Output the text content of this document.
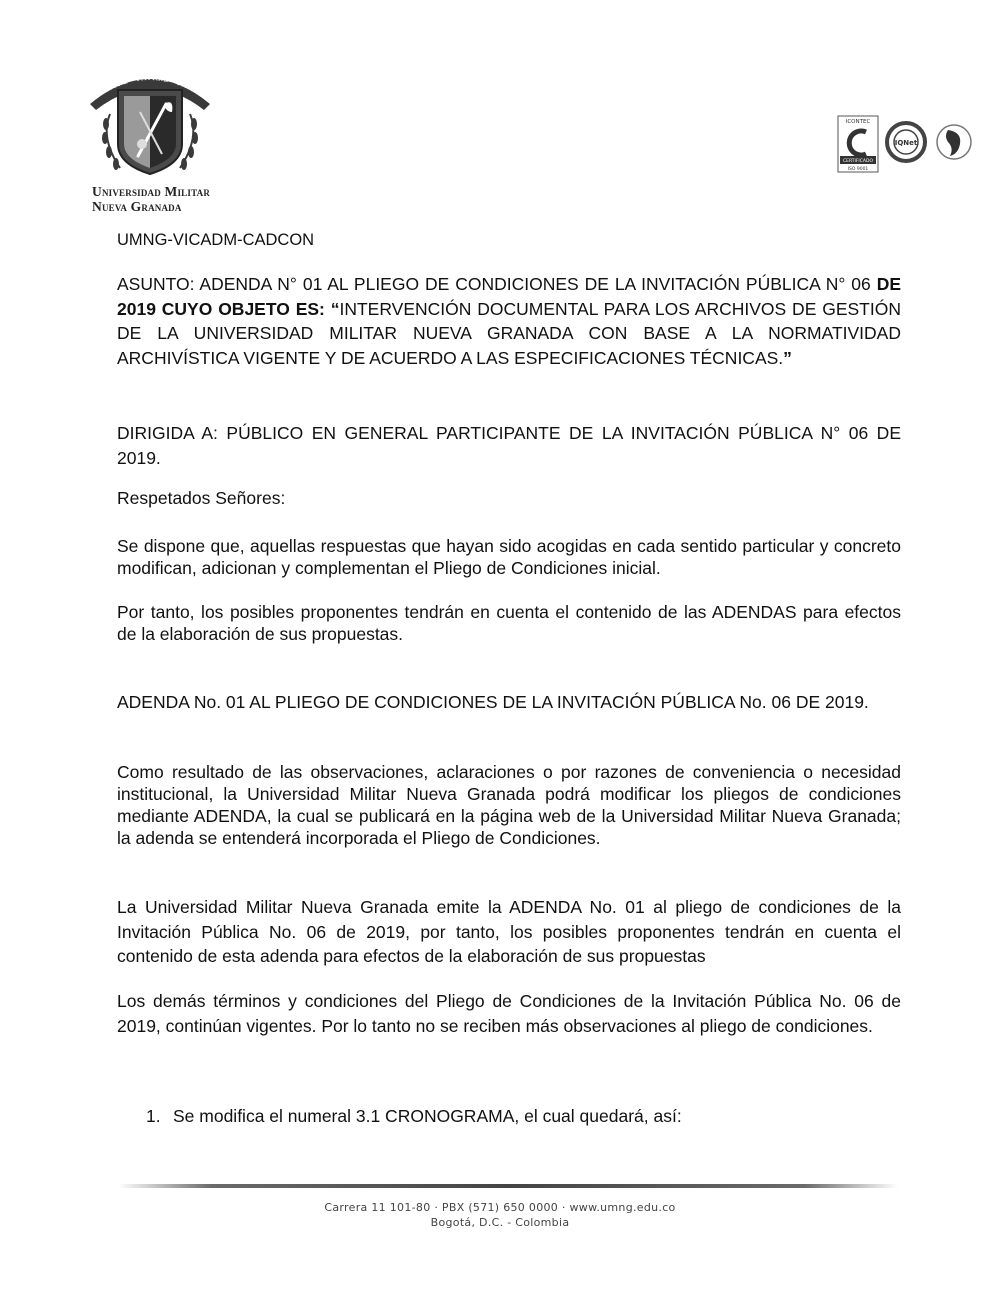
CIENTIÆ · PATRIÆ · FAMILI
Universidad Militar
Nueva Granada
ICONTEC
CERTIFICADO
ISO 9001
IQNet
UMNG-VICADM-CADCON

ASUNTO: ADENDA N° 01 AL PLIEGO DE CONDICIONES DE LA INVITACIÓN PÚBLICA N° 06 DE 2019 CUYO OBJETO ES: “INTERVENCIÓN DOCUMENTAL PARA LOS ARCHIVOS DE GESTIÓN DE LA UNIVERSIDAD MILITAR NUEVA GRANADA CON BASE A LA NORMATIVIDAD ARCHIVÍSTICA VIGENTE Y DE ACUERDO A LAS ESPECIFICACIONES TÉCNICAS.”

DIRIGIDA A: PÚBLICO EN GENERAL PARTICIPANTE DE LA INVITACIÓN PÚBLICA N° 06 DE 2019.

Respetados Señores:

Se dispone que, aquellas respuestas que hayan sido acogidas en cada sentido particular y concreto modifican, adicionan y complementan el Pliego de Condiciones inicial.

Por tanto, los posibles proponentes tendrán en cuenta el contenido de las ADENDAS para efectos de la elaboración de sus propuestas.

ADENDA No. 01 AL PLIEGO DE CONDICIONES DE LA INVITACIÓN PÚBLICA No. 06 DE 2019.

Como resultado de las observaciones, aclaraciones o por razones de conveniencia o necesidad institucional, la Universidad Militar Nueva Granada podrá modificar los pliegos de condiciones mediante ADENDA, la cual se publicará en la página web de la Universidad Militar Nueva Granada; la adenda se entenderá incorporada el Pliego de Condiciones.

La Universidad Militar Nueva Granada emite la ADENDA No. 01 al pliego de condiciones de la Invitación Pública No. 06 de 2019, por tanto, los posibles proponentes tendrán en cuenta el contenido de esta adenda para efectos de la elaboración de sus propuestas

Los demás términos y condiciones del Pliego de Condiciones de la Invitación Pública No. 06 de 2019, continúan vigentes. Por lo tanto no se reciben más observaciones al pliego de condiciones.

1. Se modifica el numeral 3.1 CRONOGRAMA, el cual quedará, así:
Carrera 11 101-80 · PBX (571) 650 0000 · www.umng.edu.co
Bogotá, D.C. - Colombia
